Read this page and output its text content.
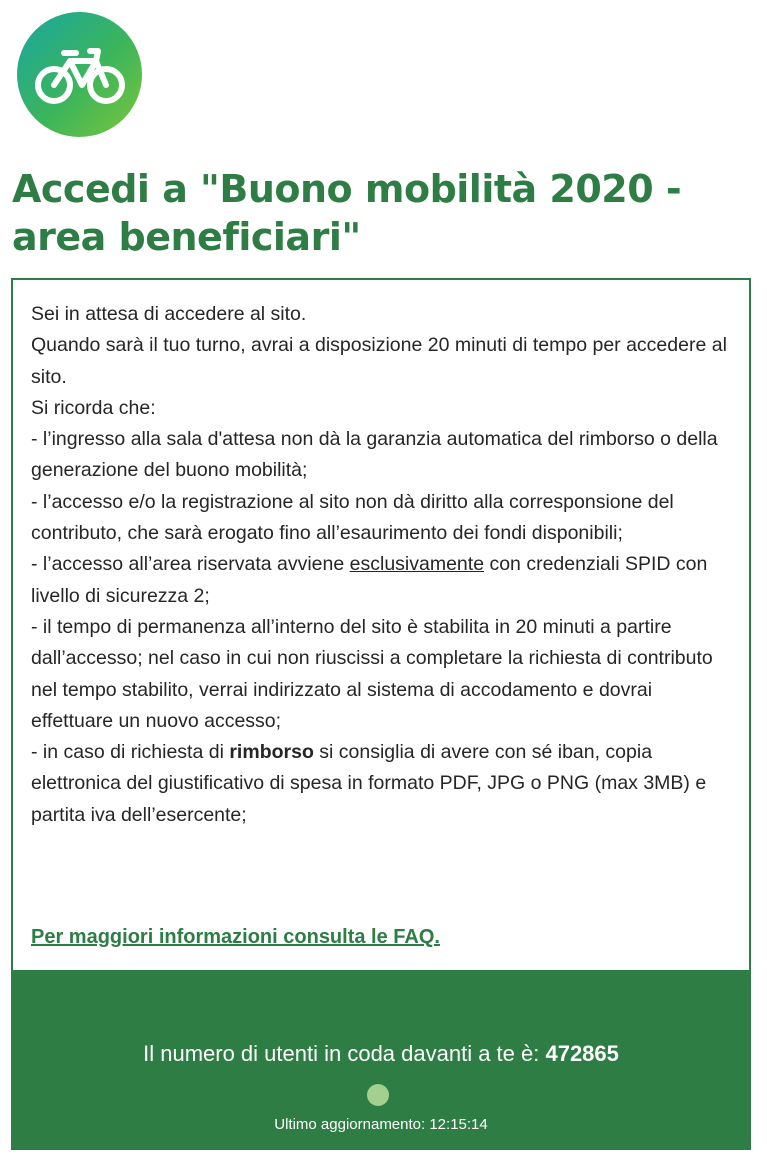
Accedi a "Buono mobilità 2020 - area beneficiari"

Sei in attesa di accedere al sito.

Quando sarà il tuo turno, avrai a disposizione 20 minuti di tempo per accedere al sito.

Si ricorda che:

- l’ingresso alla sala d'attesa non dà la garanzia automatica del rimborso o della generazione del buono mobilità;

- l’accesso e/o la registrazione al sito non dà diritto alla corresponsione del contributo, che sarà erogato fino all’esaurimento dei fondi disponibili;

- l’accesso all’area riservata avviene esclusivamente con credenziali SPID con livello di sicurezza 2;

- il tempo di permanenza all’interno del sito è stabilita in 20 minuti a partire dall’accesso; nel caso in cui non riuscissi a completare la richiesta di contributo nel tempo stabilito, verrai indirizzato al sistema di accodamento e dovrai effettuare un nuovo accesso;

- in caso di richiesta di rimborso si consiglia di avere con sé iban, copia elettronica del giustificativo di spesa in formato PDF, JPG o PNG (max 3MB) e partita iva dell’esercente;

Per maggiori informazioni consulta le FAQ.
Il numero di utenti in coda davanti a te è: 472865
Ultimo aggiornamento: 12:15:14
